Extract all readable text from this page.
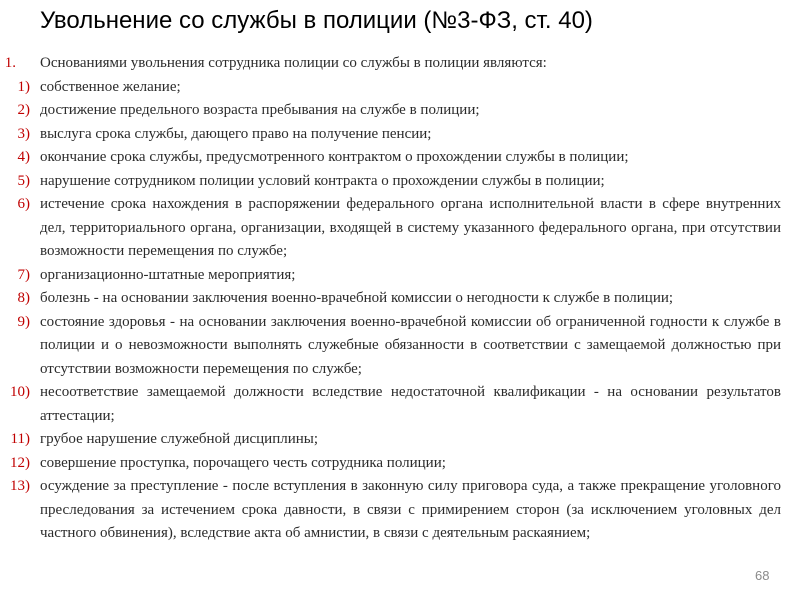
Увольнение со службы в полиции (№3-ФЗ, ст. 40)
1. Основаниями увольнения сотрудника полиции со службы в полиции являются:
1) собственное желание;
2) достижение предельного возраста пребывания на службе в полиции;
3) выслуга срока службы, дающего право на получение пенсии;
4) окончание срока службы, предусмотренного контрактом о прохождении службы в полиции;
5) нарушение сотрудником полиции условий контракта о прохождении службы в полиции;
6) истечение срока нахождения в распоряжении федерального органа исполнительной власти в сфере внутренних дел, территориального органа, организации, входящей в систему указанного федерального органа, при отсутствии возможности перемещения по службе;
7) организационно-штатные мероприятия;
8) болезнь - на основании заключения военно-врачебной комиссии о негодности к службе в полиции;
9) состояние здоровья - на основании заключения военно-врачебной комиссии об ограниченной годности к службе в полиции и о невозможности выполнять служебные обязанности в соответствии с замещаемой должностью при отсутствии возможности перемещения по службе;
10) несоответствие замещаемой должности вследствие недостаточной квалификации - на основании результатов аттестации;
11) грубое нарушение служебной дисциплины;
12) совершение проступка, порочащего честь сотрудника полиции;
13) осуждение за преступление - после вступления в законную силу приговора суда, а также прекращение уголовного преследования за истечением срока давности, в связи с примирением сторон (за исключением уголовных дел частного обвинения), вследствие акта об амнистии, в связи с деятельным раскаянием;
68
